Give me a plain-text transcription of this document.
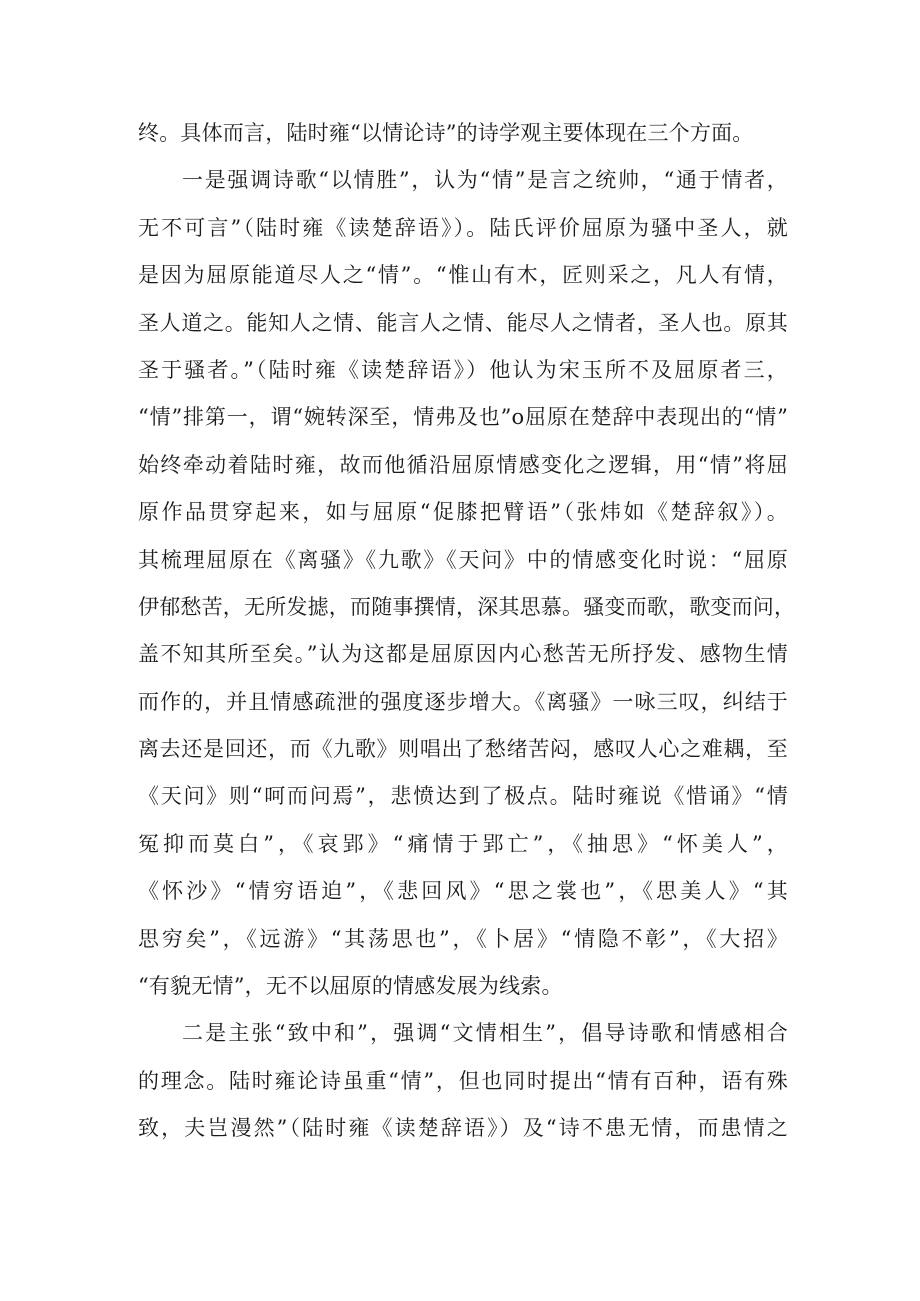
终。具体而言，陆时雍“以情论诗”的诗学观主要体现在三个方面。
一是强调诗歌“以情胜”，认为“情”是言之统帅，“通于情者，
无不可言”（陆时雍《读楚辞语》）。陆氏评价屈原为骚中圣人，就
是因为屈原能道尽人之“情”。“惟山有木，匠则采之，凡人有情，
圣人道之。能知人之情、能言人之情、能尽人之情者，圣人也。原其
圣于骚者。”（陆时雍《读楚辞语》）他认为宋玉所不及屈原者三，
“情”排第一，谓“婉转深至，情弗及也”o屈原在楚辞中表现出的“情”
始终牵动着陆时雍，故而他循沿屈原情感变化之逻辑，用“情”将屈
原作品贯穿起来，如与屈原“促膝把臂语”（张炜如《楚辞叙》）。
其梳理屈原在《离骚》《九歌》《天问》中的情感变化时说：“屈原
伊郁愁苦，无所发摅，而随事撰情，深其思慕。骚变而歌，歌变而问，
盖不知其所至矣。”认为这都是屈原因内心愁苦无所抒发、感物生情
而作的，并且情感疏泄的强度逐步增大。《离骚》一咏三叹，纠结于
离去还是回还，而《九歌》则唱出了愁绪苦闷，感叹人心之难耦，至
《天问》则“呵而问焉”，悲愤达到了极点。陆时雍说《惜诵》“情
冤抑而莫白”，《哀郢》“痛情于郢亡”，《抽思》“怀美人”，
《怀沙》“情穷语迫”，《悲回风》“思之裳也”，《思美人》“其
思穷矣”，《远游》“其荡思也”，《卜居》“情隐不彰”，《大招》
“有貌无情”，无不以屈原的情感发展为线索。
二是主张“致中和”，强调“文情相生”，倡导诗歌和情感相合
的理念。陆时雍论诗虽重“情”，但也同时提出“情有百种，语有殊
致，夫岂漫然”（陆时雍《读楚辞语》）及“诗不患无情，而患情之
